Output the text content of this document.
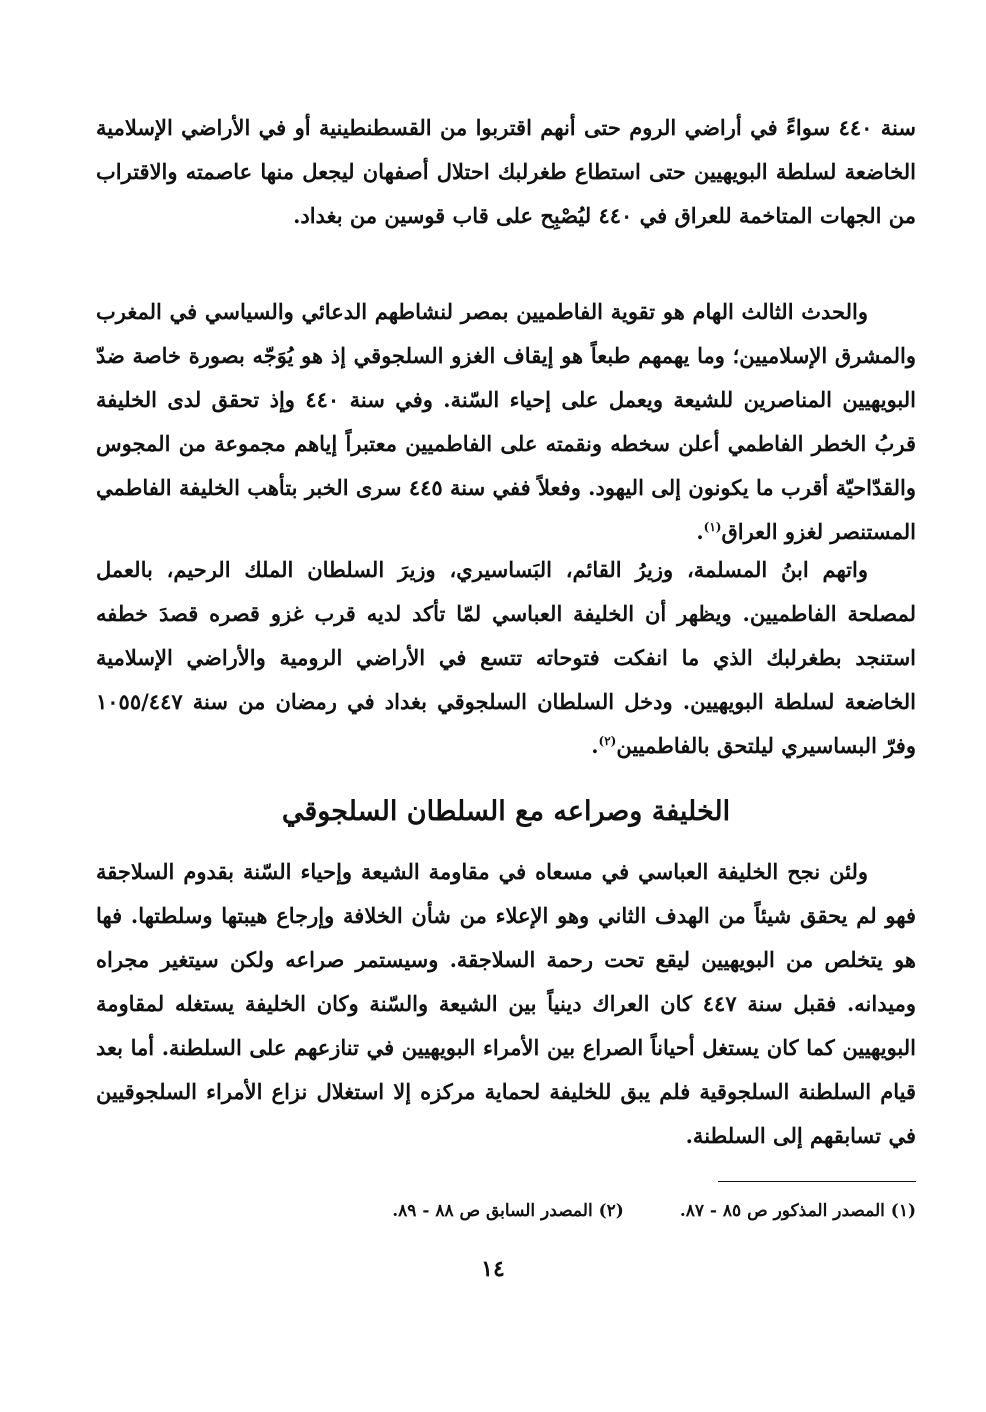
سنة ٤٤٠ سواءً في أراضي الروم حتى أنهم اقتربوا من القسطنطينية أو في الأراضي الإسلامية الخاضعة لسلطة البويهيين حتى استطاع طغرلبك احتلال أصفهان ليجعل منها عاصمته والاقتراب من الجهات المتاخمة للعراق في ٤٤٠ ليُصْبِح على قاب قوسين من بغداد.

والحدث الثالث الهام هو تقوية الفاطميين بمصر لنشاطهم الدعائي والسياسي في المغرب والمشرق الإسلاميين؛ وما يهمهم طبعاً هو إيقاف الغزو السلجوقي إذ هو يُوَجّه بصورة خاصة ضدّ البويهيين المناصرين للشيعة ويعمل على إحياء السّنة. وفي سنة ٤٤٠ وإذ تحقق لدى الخليفة قربُ الخطر الفاطمي أعلن سخطه ونقمته على الفاطميين معتبراً إياهم مجموعة من المجوس والقدّاحيّة أقرب ما يكونون إلى اليهود. وفعلاً ففي سنة ٤٤٥ سرى الخبر بتأهب الخليفة الفاطمي المستنصر لغزو العراق$^{(١)}$.

واتهم ابنُ المسلمة، وزيرُ القائم، البَساسيري، وزيرَ السلطان الملك الرحيم، بالعمل لمصلحة الفاطميين. ويظهر أن الخليفة العباسي لمّا تأكد لديه قرب غزو قصره قصدَ خطفه استنجد بطغرلبك الذي ما انفكت فتوحاته تتسع في الأراضي الرومية والأراضي الإسلامية الخاضعة لسلطة البويهيين. ودخل السلطان السلجوقي بغداد في رمضان من سنة ١٠٥٥/٤٤٧ وفرّ البساسيري ليلتحق بالفاطميين$^{(٢)}$.

الخليفة وصراعه مع السلطان السلجوقي

ولئن نجح الخليفة العباسي في مسعاه في مقاومة الشيعة وإحياء السّنة بقدوم السلاجقة فهو لم يحقق شيئاً من الهدف الثاني وهو الإعلاء من شأن الخلافة وإرجاع هيبتها وسلطتها. فها هو يتخلص من البويهيين ليقع تحت رحمة السلاجقة. وسيستمر صراعه ولكن سيتغير مجراه وميدانه. فقبل سنة ٤٤٧ كان العراك دينياً بين الشيعة والسّنة وكان الخليفة يستغله لمقاومة البويهيين كما كان يستغل أحياناً الصراع بين الأمراء البويهيين في تنازعهم على السلطنة. أما بعد قيام السلطنة السلجوقية فلم يبق للخليفة لحماية مركزه إلا استغلال نزاع الأمراء السلجوقيين في تسابقهم إلى السلطنة.

(١) المصدر المذكور ص ٨٥ - ٨٧.
(٢) المصدر السابق ص ٨٨ - ٨٩.
١٤
